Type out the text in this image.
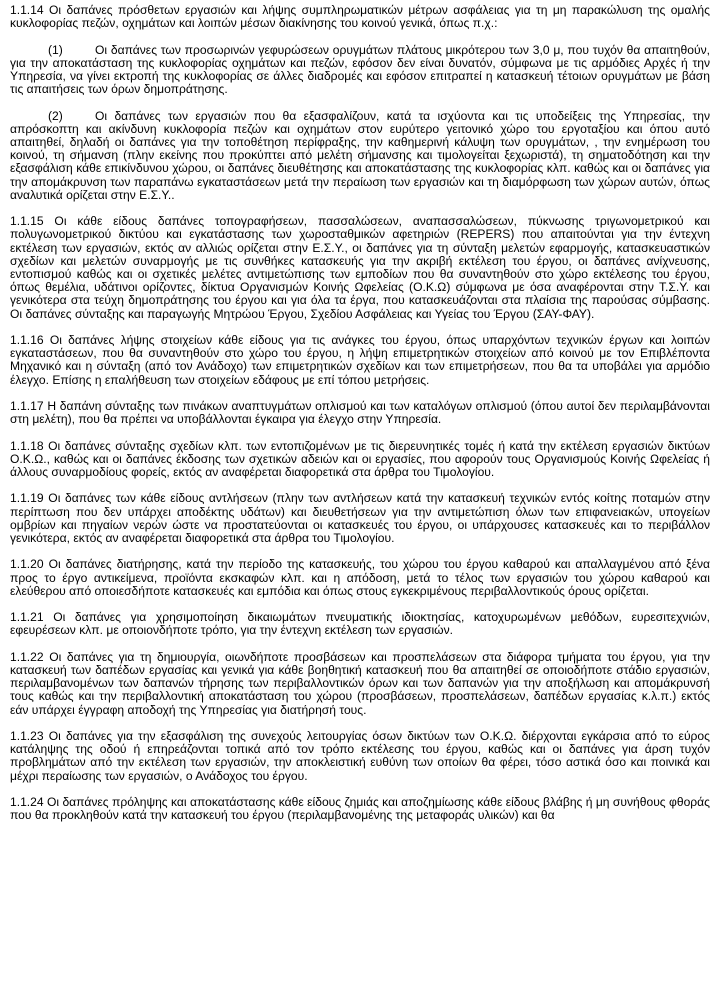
1.1.14 Οι δαπάνες πρόσθετων εργασιών και λήψης συμπληρωματικών μέτρων ασφάλειας για τη μη παρακώλυση της ομαλής κυκλοφορίας πεζών, οχημάτων και λοιπών μέσων διακίνησης του κοινού γενικά, όπως π.χ.:

(1)	Οι δαπάνες των προσωρινών γεφυρώσεων ορυγμάτων πλάτους μικρότερου των 3,0 μ, που τυχόν θα απαιτηθούν, για την αποκατάσταση της κυκλοφορίας οχημάτων και πεζών, εφόσον δεν είναι δυνατόν, σύμφωνα με τις αρμόδιες Αρχές ή την Υπηρεσία, να γίνει εκτροπή της κυκλοφορίας σε άλλες διαδρομές και εφόσον επιτραπεί η κατασκευή τέτοιων ορυγμάτων με βάση τις απαιτήσεις των όρων δημοπράτησης.

(2)	Οι δαπάνες των εργασιών που θα εξασφαλίζουν, κατά τα ισχύοντα και τις υποδείξεις της Υπηρεσίας, την απρόσκοπτη και ακίνδυνη κυκλοφορία πεζών και οχημάτων στον ευρύτερο γειτονικό χώρο του εργοταξίου και όπου αυτό απαιτηθεί, δηλαδή οι δαπάνες για την τοποθέτηση περίφραξης, την καθημερινή κάλυψη των ορυγμάτων, , την ενημέρωση του κοινού, τη σήμανση (πλην εκείνης που προκύπτει από μελέτη σήμανσης και τιμολογείται ξεχωριστά), τη σηματοδότηση και την εξασφάλιση κάθε επικίνδυνου χώρου, οι δαπάνες διευθέτησης και αποκατάστασης της κυκλοφορίας κλπ. καθώς και οι δαπάνες για την απομάκρυνση των παραπάνω εγκαταστάσεων μετά την περαίωση των εργασιών και τη διαμόρφωση των χώρων αυτών, όπως αναλυτικά ορίζεται στην Ε.Σ.Υ..

1.1.15 Οι κάθε είδους δαπάνες τοπογραφήσεων, πασσαλώσεων, αναπασσαλώσεων, πύκνωσης τριγωνομετρικού και πολυγωνομετρικού δικτύου και εγκατάστασης των χωροσταθμικών αφετηριών (REPERS) που απαιτούνται για την έντεχνη εκτέλεση των εργασιών, εκτός αν αλλιώς ορίζεται στην Ε.Σ.Υ., οι δαπάνες για τη σύνταξη μελετών εφαρμογής, κατασκευαστικών σχεδίων και μελετών συναρμογής με τις συνθήκες κατασκευής για την ακριβή εκτέλεση του έργου, οι δαπάνες ανίχνευσης, εντοπισμού καθώς και οι σχετικές μελέτες αντιμετώπισης των εμποδίων που θα συναντηθούν στο χώρο εκτέλεσης του έργου, όπως θεμέλια, υδάτινοι ορίζοντες, δίκτυα Οργανισμών Κοινής Ωφελείας (Ο.Κ.Ω) σύμφωνα με όσα αναφέρονται στην Τ.Σ.Υ. και γενικότερα στα τεύχη δημοπράτησης του έργου και για όλα τα έργα, που κατασκευάζονται στα πλαίσια της παρούσας σύμβασης. Οι δαπάνες σύνταξης και παραγωγής Μητρώου Έργου, Σχεδίου Ασφάλειας και Υγείας του Έργου (ΣΑΥ-ΦΑΥ).

1.1.16 Οι δαπάνες λήψης στοιχείων κάθε είδους για τις ανάγκες του έργου, όπως υπαρχόντων τεχνικών έργων και λοιπών εγκαταστάσεων, που θα συναντηθούν στο χώρο του έργου, η λήψη επιμετρητικών στοιχείων από κοινού με τον Επιβλέποντα Μηχανικό και η σύνταξη (από τον Ανάδοχο) των επιμετρητικών σχεδίων και των επιμετρήσεων, που θα τα υποβάλει για αρμόδιο έλεγχο. Επίσης η επαλήθευση των στοιχείων εδάφους με επί τόπου μετρήσεις.

1.1.17 Η δαπάνη σύνταξης των πινάκων αναπτυγμάτων οπλισμού και των καταλόγων οπλισμού (όπου αυτοί δεν περιλαμβάνονται στη μελέτη), που θα πρέπει να υποβάλλονται έγκαιρα για έλεγχο στην Υπηρεσία.

1.1.18 Οι δαπάνες σύνταξης σχεδίων κλπ. των εντοπιζομένων με τις διερευνητικές τομές ή κατά την εκτέλεση εργασιών δικτύων Ο.Κ.Ω., καθώς και οι δαπάνες έκδοσης των σχετικών αδειών και οι εργασίες, που αφορούν τους Οργανισμούς Κοινής Ωφελείας ή άλλους συναρμοδίους φορείς, εκτός αν αναφέρεται διαφορετικά στα άρθρα του Τιμολογίου.

1.1.19 Οι δαπάνες των κάθε είδους αντλήσεων (πλην των αντλήσεων κατά την κατασκευή τεχνικών εντός κοίτης ποταμών στην περίπτωση που δεν υπάρχει αποδέκτης υδάτων) και διευθετήσεων για την αντιμετώπιση όλων των επιφανειακών, υπογείων ομβρίων και πηγαίων νερών ώστε να προστατεύονται οι κατασκευές του έργου, οι υπάρχουσες κατασκευές και το περιβάλλον γενικότερα, εκτός αν αναφέρεται διαφορετικά στα άρθρα του Τιμολογίου.

1.1.20 Οι δαπάνες διατήρησης, κατά την περίοδο της κατασκευής, του χώρου του έργου καθαρού και απαλλαγμένου από ξένα προς το έργο αντικείμενα, προϊόντα εκσκαφών κλπ. και η απόδοση, μετά το τέλος των εργασιών του χώρου καθαρού και ελεύθερου από οποιεσδήποτε κατασκευές και εμπόδια και όπως στους εγκεκριμένους περιβαλλοντικούς όρους ορίζεται.

1.1.21 Οι δαπάνες για χρησιμοποίηση δικαιωμάτων πνευματικής ιδιοκτησίας, κατοχυρωμένων μεθόδων, ευρεσιτεχνιών, εφευρέσεων κλπ. με οποιονδήποτε τρόπο, για την έντεχνη εκτέλεση των εργασιών.

1.1.22 Οι δαπάνες για τη δημιουργία, οιωνδήποτε προσβάσεων και προσπελάσεων στα διάφορα τμήματα του έργου, για την κατασκευή των δαπέδων εργασίας και γενικά για κάθε βοηθητική κατασκευή που θα απαιτηθεί σε οποιοδήποτε στάδιο εργασιών, περιλαμβανομένων των δαπανών τήρησης των περιβαλλοντικών όρων και των δαπανών για την αποξήλωση και απομάκρυνσή τους καθώς και την περιβαλλοντική αποκατάσταση του χώρου (προσβάσεων, προσπελάσεων, δαπέδων εργασίας κ.λ.π.) εκτός εάν υπάρχει έγγραφη αποδοχή της Υπηρεσίας για διατήρησή τους.

1.1.23 Οι δαπάνες για την εξασφάλιση της συνεχούς λειτουργίας όσων δικτύων των Ο.Κ.Ω. διέρχονται εγκάρσια από το εύρος κατάληψης της οδού ή επηρεάζονται τοπικά από τον τρόπο εκτέλεσης του έργου, καθώς και οι δαπάνες για άρση τυχόν προβλημάτων από την εκτέλεση των εργασιών, την αποκλειστική ευθύνη των οποίων θα φέρει, τόσο αστικά όσο και ποινικά και μέχρι περαίωσης των εργασιών, ο Ανάδοχος του έργου.

1.1.24 Οι δαπάνες πρόληψης και αποκατάστασης κάθε είδους ζημιάς και αποζημίωσης κάθε είδους βλάβης ή μη συνήθους φθοράς που θα προκληθούν κατά την κατασκευή του έργου (περιλαμβανομένης της μεταφοράς υλικών) και θα
